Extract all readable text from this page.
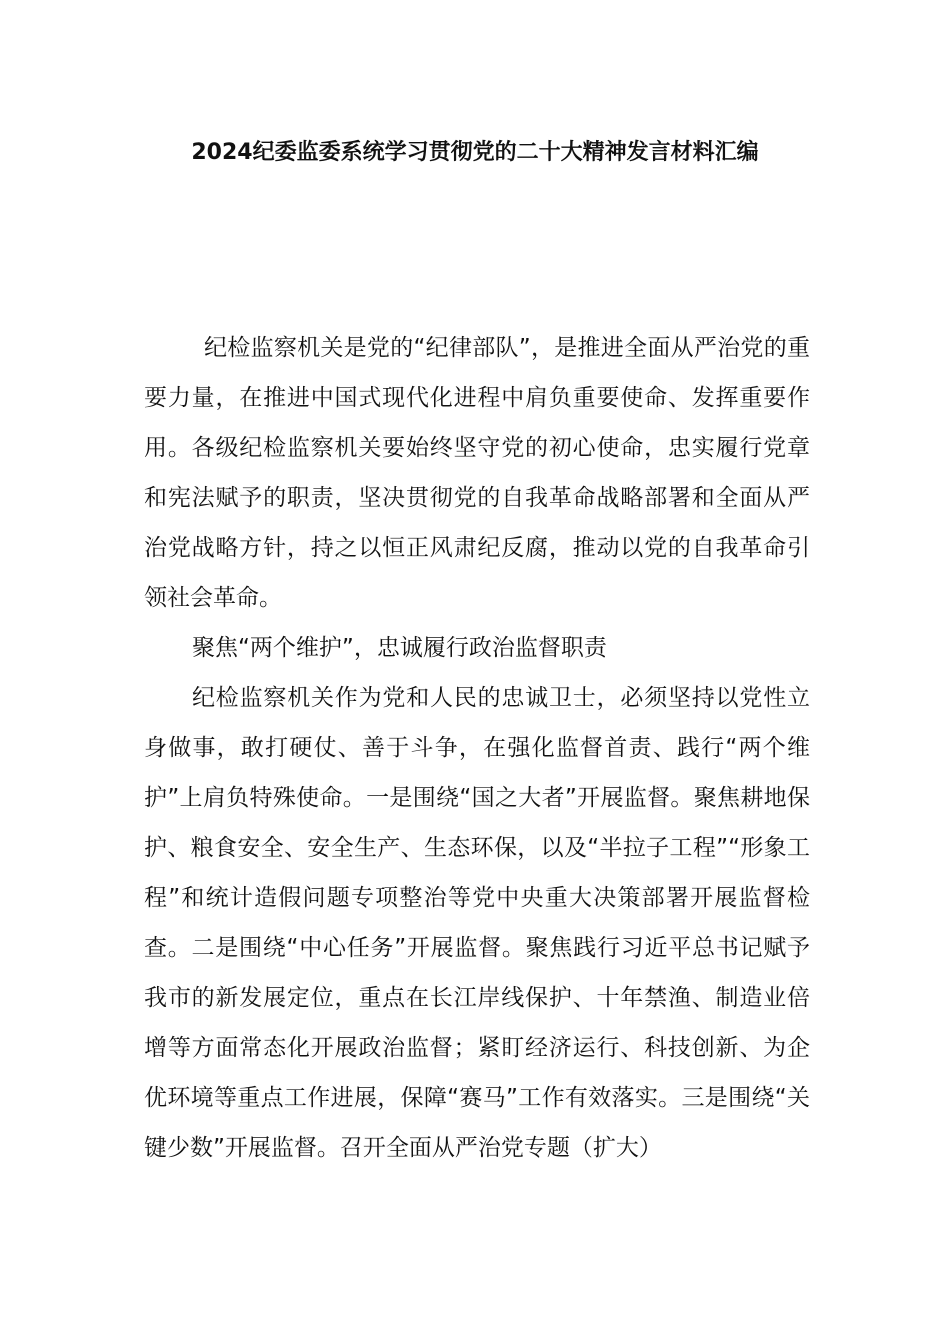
2024纪委监委系统学习贯彻党的二十大精神发言材料汇编

纪检监察机关是党的“纪律部队”，是推进全面从严治党的重要力量，在推进中国式现代化进程中肩负重要使命、发挥重要作用。各级纪检监察机关要始终坚守党的初心使命，忠实履行党章和宪法赋予的职责，坚决贯彻党的自我革命战略部署和全面从严治党战略方针，持之以恒正风肃纪反腐，推动以党的自我革命引领社会革命。

聚焦“两个维护”，忠诚履行政治监督职责

纪检监察机关作为党和人民的忠诚卫士，必须坚持以党性立身做事，敢打硬仗、善于斗争，在强化监督首责、践行“两个维护”上肩负特殊使命。一是围绕“国之大者”开展监督。聚焦耕地保护、粮食安全、安全生产、生态环保，以及“半拉子工程”“形象工程”和统计造假问题专项整治等党中央重大决策部署开展监督检查。二是围绕“中心任务”开展监督。聚焦践行习近平总书记赋予我市的新发展定位，重点在长江岸线保护、十年禁渔、制造业倍增等方面常态化开展政治监督；紧盯经济运行、科技创新、为企优环境等重点工作进展，保障“赛马”工作有效落实。三是围绕“关键少数”开展监督。召开全面从严治党专题（扩大）
